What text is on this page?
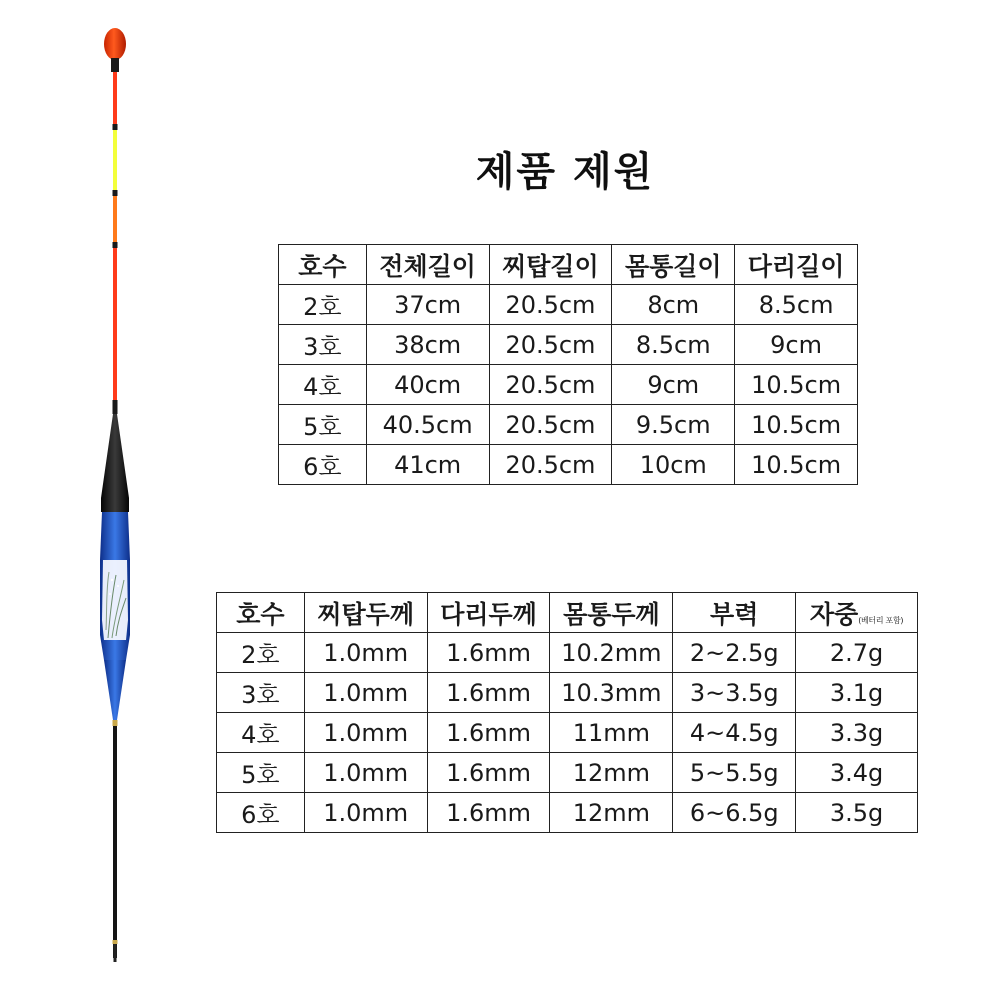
제품 제원
호수	전체길이	찌탑길이	몸통길이	다리길이
2호	37cm	20.5cm	8cm	8.5cm
3호	38cm	20.5cm	8.5cm	9cm
4호	40cm	20.5cm	9cm	10.5cm
5호	40.5cm	20.5cm	9.5cm	10.5cm
6호	41cm	20.5cm	10cm	10.5cm
호수	찌탑두께	다리두께	몸통두께	부력	자중(베터리 포함)
2호	1.0mm	1.6mm	10.2mm	2~2.5g	2.7g
3호	1.0mm	1.6mm	10.3mm	3~3.5g	3.1g
4호	1.0mm	1.6mm	11mm	4~4.5g	3.3g
5호	1.0mm	1.6mm	12mm	5~5.5g	3.4g
6호	1.0mm	1.6mm	12mm	6~6.5g	3.5g
